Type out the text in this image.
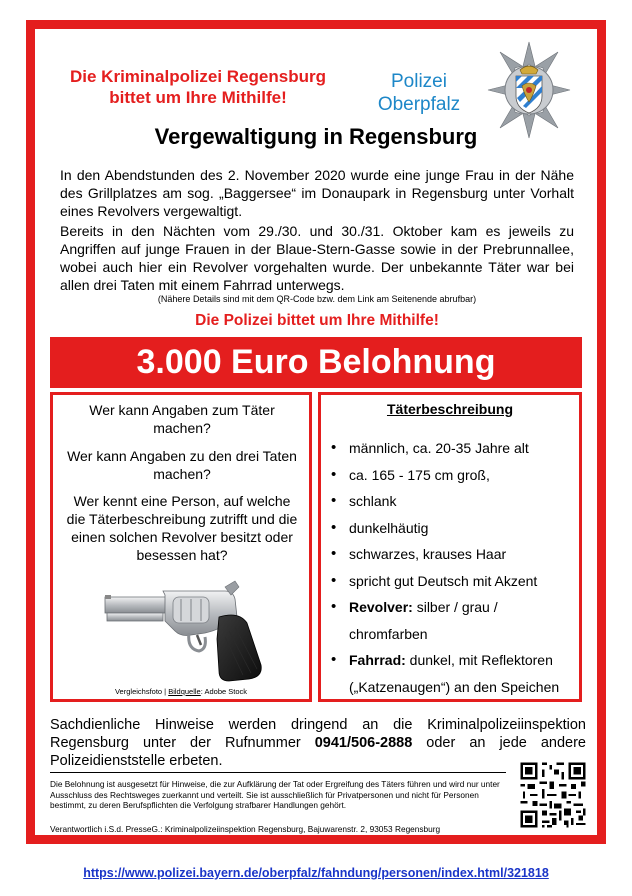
Die Kriminalpolizei Regensburg
bittet um Ihre Mithilfe!
Polizei
Oberpfalz
Vergewaltigung in Regensburg
In den Abendstunden des 2. November 2020 wurde eine junge Frau in der Nähe des Grillplatzes am sog. „Baggersee“ im Donaupark in Regensburg unter Vorhalt eines Revolvers vergewaltigt.
Bereits in den Nächten vom 29./30. und 30./31. Oktober kam es jeweils zu Angriffen auf junge Frauen in der Blaue-Stern-Gasse sowie in der Prebrunnallee, wobei auch hier ein Revolver vorgehalten wurde. Der unbekannte Täter war bei allen drei Taten mit einem Fahrrad unterwegs.
(Nähere Details sind mit dem QR-Code bzw. dem Link am Seitenende abrufbar)
Die Polizei bittet um Ihre Mithilfe!
3.000 Euro Belohnung
Wer kann Angaben zum Täter machen?
Wer kann Angaben zu den drei Taten machen?
Wer kennt eine Person, auf welche die Täterbeschreibung zutrifft und die einen solchen Revolver besitzt oder besessen hat?
Vergleichsfoto | Bildquelle: Adobe Stock
Täterbeschreibung
• männlich, ca. 20-35 Jahre alt
• ca. 165 - 175 cm groß,
• schlank
• dunkelhäutig
• schwarzes, krauses Haar
• spricht gut Deutsch mit Akzent
• Revolver: silber / grau /
chromfarben
• Fahrrad: dunkel, mit Reflektoren
(„Katzenaugen“) an den Speichen
Sachdienliche Hinweise werden dringend an die Kriminalpolizeiinspektion Regensburg unter der Rufnummer 0941/506-2888 oder an jede andere Polizeidienststelle erbeten.
Die Belohnung ist ausgesetzt für Hinweise, die zur Aufklärung der Tat oder Ergreifung des Täters führen und wird nur unter Ausschluss des Rechtsweges zuerkannt und verteilt. Sie ist ausschließlich für Privatpersonen und nicht für Personen bestimmt, zu deren Berufspflichten die Verfolgung strafbarer Handlungen gehört.
Verantwortlich i.S.d. PresseG.: Kriminalpolizeiinspektion Regensburg, Bajuwarenstr. 2, 93053 Regensburg
https://www.polizei.bayern.de/oberpfalz/fahndung/personen/index.html/321818
